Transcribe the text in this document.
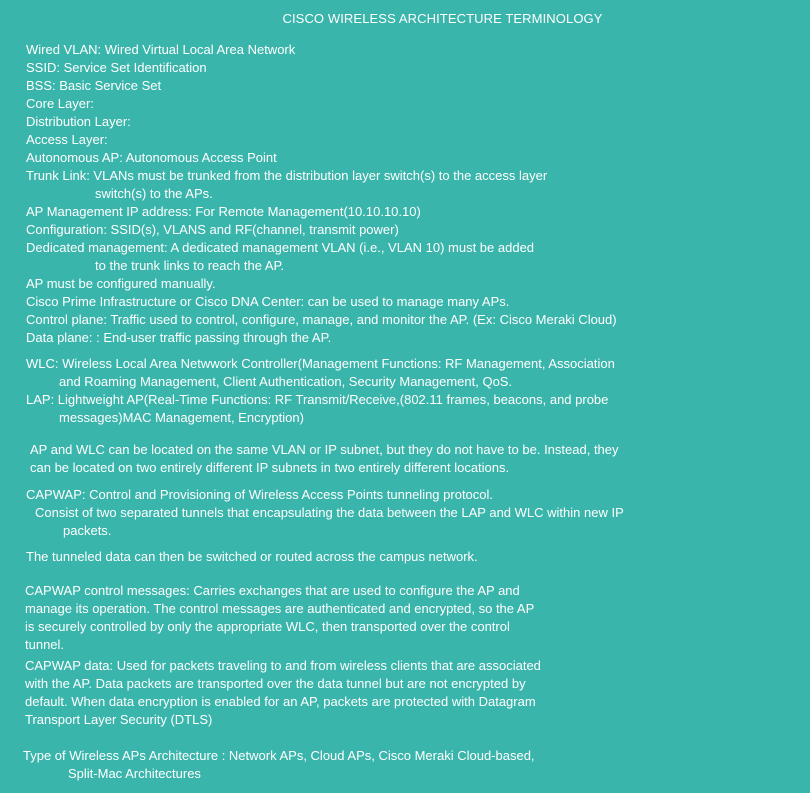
CISCO WIRELESS ARCHITECTURE TERMINOLOGY
Wired VLAN: Wired Virtual Local Area Network
SSID: Service Set Identification
BSS: Basic Service Set
Core Layer:
Distribution Layer:
Access Layer:
Autonomous AP: Autonomous Access Point
Trunk Link: VLANs must be trunked from the distribution layer switch(s) to the access layer
switch(s) to the APs.
AP Management IP address: For Remote Management(10.10.10.10)
Configuration: SSID(s), VLANS and RF(channel, transmit power)
Dedicated management: A dedicated management VLAN (i.e., VLAN 10) must be added
to the trunk links to reach the AP.
AP must be configured manually.
Cisco Prime Infrastructure or Cisco DNA Center: can be used to manage many APs.
Control plane: Traffic used to control, configure, manage, and monitor the AP. (Ex: Cisco Meraki Cloud)
Data plane: : End-user traffic passing through the AP.
WLC: Wireless Local Area Netwwork Controller(Management Functions: RF Management, Association
and Roaming Management, Client Authentication, Security Management, QoS.
LAP: Lightweight AP(Real-Time Functions: RF Transmit/Receive,(802.11 frames, beacons, and probe
messages)MAC Management, Encryption)
AP and WLC can be located on the same VLAN or IP subnet, but they do not have to be. Instead, they
can be located on two entirely different IP subnets in two entirely different locations.
CAPWAP: Control and Provisioning of Wireless Access Points tunneling protocol.
Consist of two separated tunnels that encapsulating the data between the LAP and WLC within new IP
packets.
The tunneled data can then be switched or routed across the campus network.
CAPWAP control messages: Carries exchanges that are used to configure the AP and
manage its operation. The control messages are authenticated and encrypted, so the AP
is securely controlled by only the appropriate WLC, then transported over the control
tunnel.
CAPWAP data: Used for packets traveling to and from wireless clients that are associated
with the AP. Data packets are transported over the data tunnel but are not encrypted by
default. When data encryption is enabled for an AP, packets are protected with Datagram
Transport Layer Security (DTLS)
Type of Wireless APs Architecture : Network APs, Cloud APs, Cisco Meraki Cloud-based,
Split-Mac Architectures
